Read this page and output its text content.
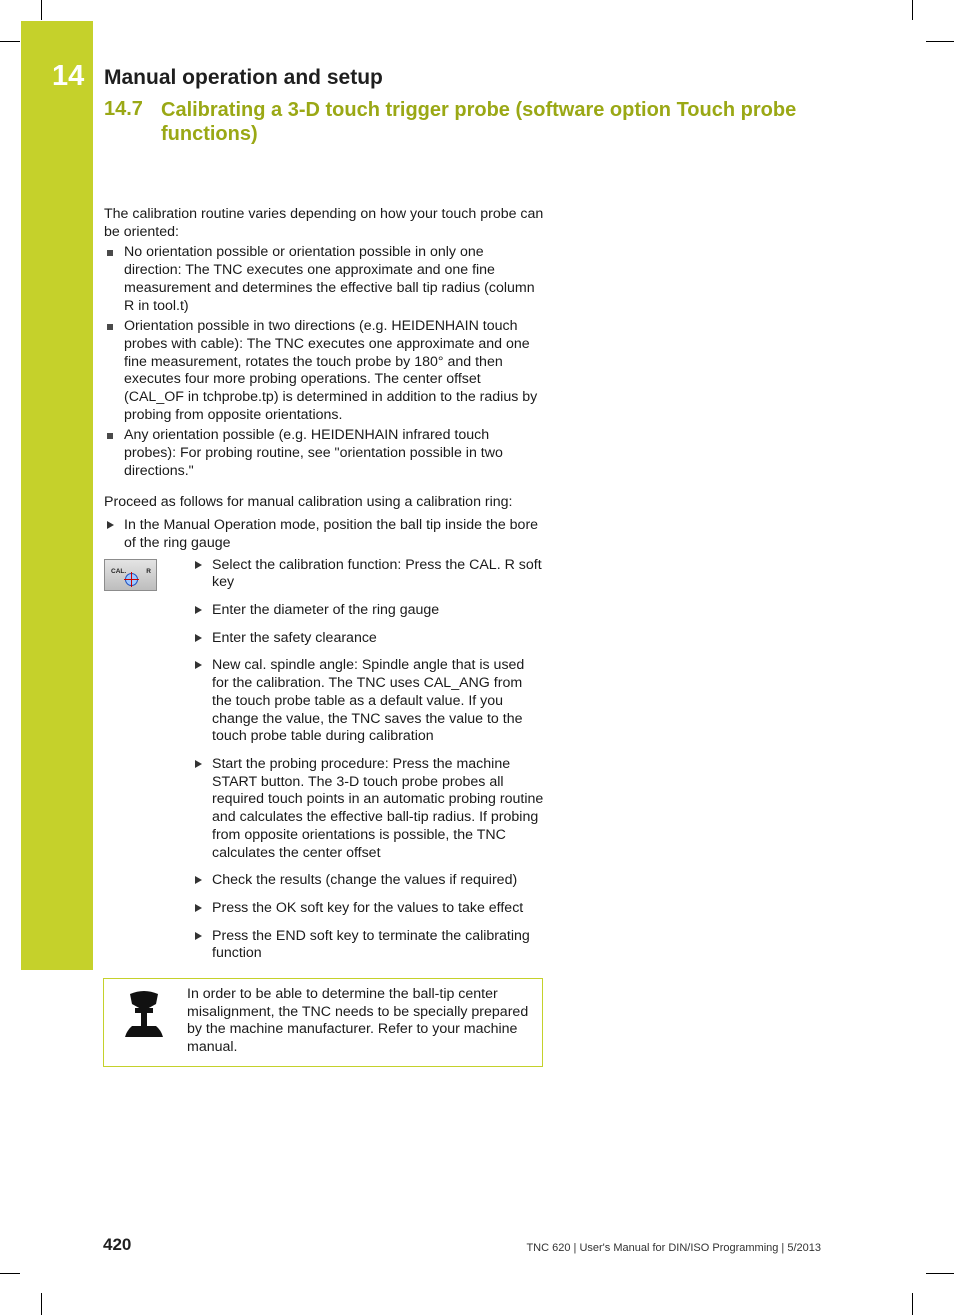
14 Manual operation and setup
14.7 Calibrating a 3-D touch trigger probe (software option Touch probe functions)

The calibration routine varies depending on how your touch probe can be oriented:

No orientation possible or orientation possible in only one direction: The TNC executes one approximate and one fine measurement and determines the effective ball tip radius (column R in tool.t)
Orientation possible in two directions (e.g. HEIDENHAIN touch probes with cable): The TNC executes one approximate and one fine measurement, rotates the touch probe by 180° and then executes four more probing operations. The center offset (CAL_OF in tchprobe.tp) is determined in addition to the radius by probing from opposite orientations.
Any orientation possible (e.g. HEIDENHAIN infrared touch probes): For probing routine, see "orientation possible in two directions."

Proceed as follows for manual calibration using a calibration ring:

In the Manual Operation mode, position the ball tip inside the bore of the ring gauge
CAL.	R	Select the calibration function: Press the CAL. R soft key
Enter the diameter of the ring gauge
Enter the safety clearance
New cal. spindle angle: Spindle angle that is used for the calibration. The TNC uses CAL_ANG from the touch probe table as a default value. If you change the value, the TNC saves the value to the touch probe table during calibration
Start the probing procedure: Press the machine START button. The 3-D touch probe probes all required touch points in an automatic probing routine and calculates the effective ball-tip radius. If probing from opposite orientations is possible, the TNC calculates the center offset
Check the results (change the values if required)
Press the OK soft key for the values to take effect
Press the END soft key to terminate the calibrating function
In order to be able to determine the ball-tip center misalignment, the TNC needs to be specially prepared by the machine manufacturer. Refer to your machine manual.
420	TNC 620 | User's Manual for DIN/ISO Programming | 5/2013
